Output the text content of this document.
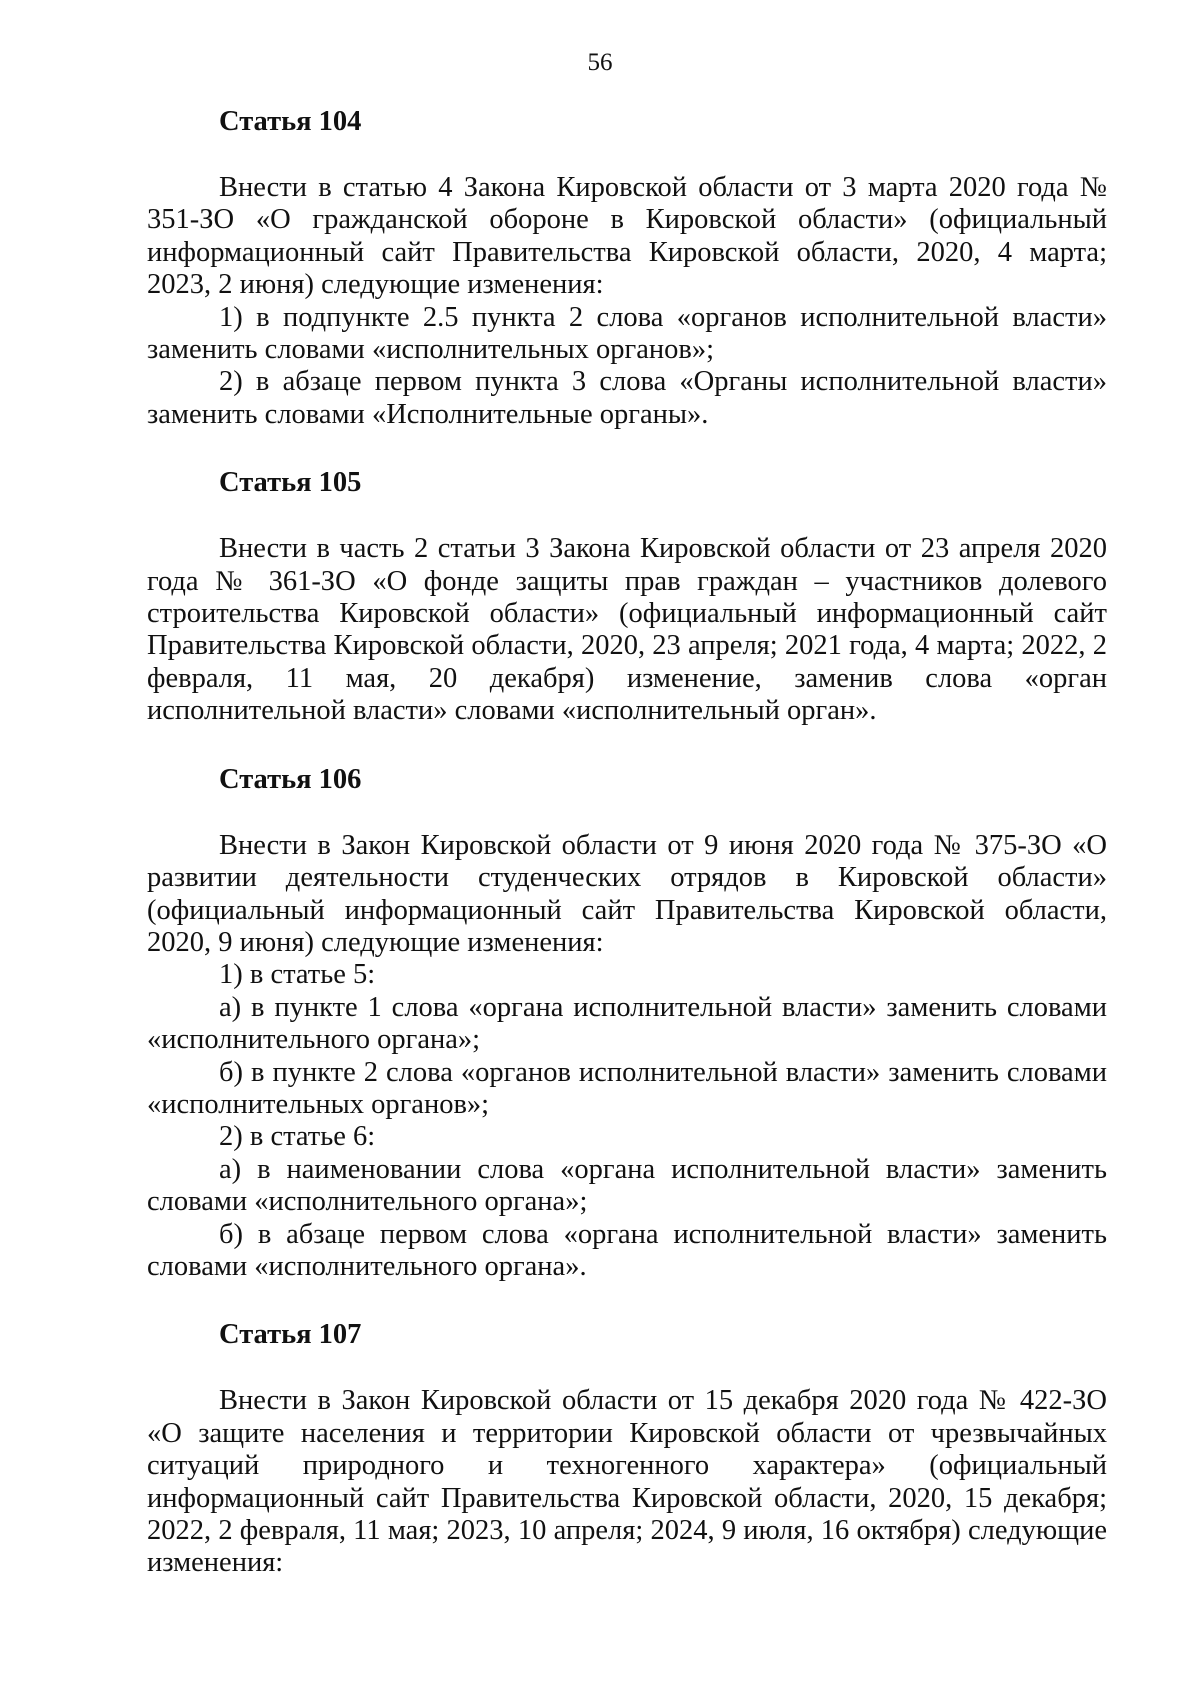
56
Статья 104

Внести в статью 4 Закона Кировской области от 3 марта 2020 года № 351-ЗО «О гражданской обороне в Кировской области» (официальный информационный сайт Правительства Кировской области, 2020, 4 марта; 2023, 2 июня) следующие изменения:

1) в подпункте 2.5 пункта 2 слова «органов исполнительной власти» заменить словами «исполнительных органов»;

2) в абзаце первом пункта 3 слова «Органы исполнительной власти» заменить словами «Исполнительные органы».

Статья 105

Внести в часть 2 статьи 3 Закона Кировской области от 23 апреля 2020 года № 361-ЗО «О фонде защиты прав граждан – участников долевого строительства Кировской области» (официальный информационный сайт Правительства Кировской области, 2020, 23 апреля; 2021 года, 4 марта; 2022, 2 февраля, 11 мая, 20 декабря) изменение, заменив слова «орган исполнительной власти» словами «исполнительный орган».

Статья 106

Внести в Закон Кировской области от 9 июня 2020 года № 375-ЗО «О развитии деятельности студенческих отрядов в Кировской области» (официальный информационный сайт Правительства Кировской области, 2020, 9 июня) следующие изменения:

1) в статье 5:

а) в пункте 1 слова «органа исполнительной власти» заменить словами «исполнительного органа»;

б) в пункте 2 слова «органов исполнительной власти» заменить словами «исполнительных органов»;

2) в статье 6:

а) в наименовании слова «органа исполнительной власти» заменить словами «исполнительного органа»;

б) в абзаце первом слова «органа исполнительной власти» заменить словами «исполнительного органа».

Статья 107

Внести в Закон Кировской области от 15 декабря 2020 года № 422-ЗО «О защите населения и территории Кировской области от чрезвычайных ситуаций природного и техногенного характера» (официальный информационный сайт Правительства Кировской области, 2020, 15 декабря; 2022, 2 февраля, 11 мая; 2023, 10 апреля; 2024, 9 июля, 16 октября) следующие изменения:
